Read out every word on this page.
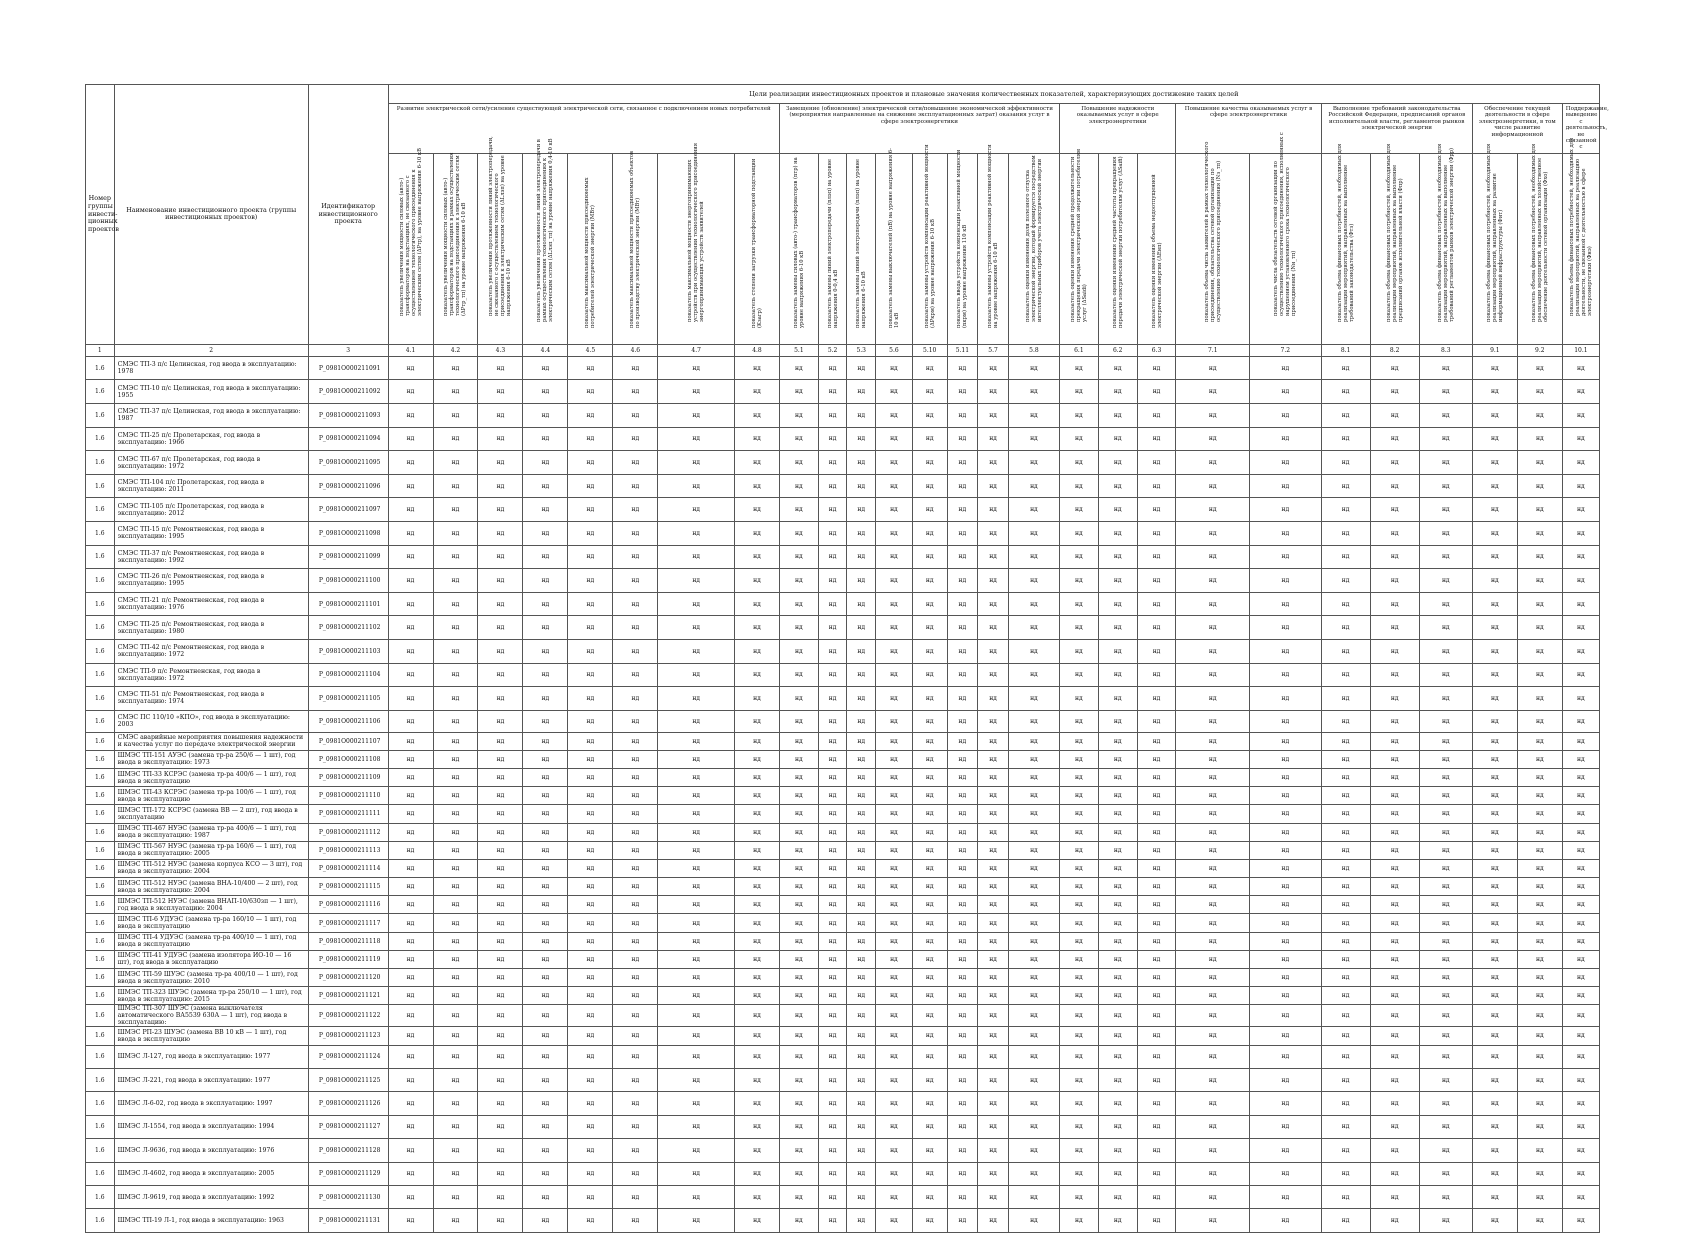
Номер группы инвести-ционных проектов	Наименование инвестиционного проекта (группы инвестиционных проектов)	Идентификатор инвестиционного проекта	Цели реализации инвестиционных проектов и плановые значения количественных показателей, характеризующих достижение таких целей																										
			Развитие электрической сети/усиление существующей электрической сети, связанное с подключением новых потребителей								Замещение (обновление) электрической сети/повышение экономической эффективности (мероприятия направленные на снижение эксплуатационных затрат) оказания услуг в сфере электроэнергетики								Повышение надежности оказываемых услуг в сфере электроэнергетики			Повышение качества оказываемых услуг в сфере электроэнергетики		Выполнение требований законодательства Российской Федерации, предписаний органов исполнительной власти, регламентов рынков электрической энергии			Обеспечение текущей деятельности в сфере электроэнергетики, в том числе развитие информационной		Поддержание, выведение с деятельность, не связанной с

			показатель увеличения мощности силовых (авто-) трансформаторов на подстанциях, не связанного с осуществлением технологического присоединения к электрическим сетям (ΔPтр), на уровне напряжения 6-10 кВ	показатель увеличения мощности силовых (авто-) трансформаторов на подстанциях в рамках осуществления технологического присоединения к электрическим сетям (ΔPтр_тп) на уровне напряжения 6-10 кВ	показатель увеличения протяженности линий электропередачи, не связанного с осуществлением технологического присоединения к электрическим сетям (ΔLлэп) на уровне напряжения 6-10 кВ	показатель увеличения протяженности линий электропередачи в рамках осуществления технологического присоединения к электрическим сетям (ΔLлэп_тп) на уровне напряжения 0,4-10 кВ	показатель максимальной мощности присоединяемых потребителей электрической энергии (МВт)	показатель максимальной мощности присоединяемых объектов по производству электрической энергии (МВт)	показатель максимальной мощности энергопринимающих устройств при осуществлении технологического присоединения энергопринимающих устройств заявителей	показатель степени загрузки трансформаторной подстанции (Kзагр)	показатель замены силовых (авто-) трансформаторов (nтр) на уровне напряжения 6-10 кВ	показатель замены линий электропередачи (nлэп) на уровне напряжения 0-0,4 кВ	показатель замены линий электропередачи (nлэп) на уровне напряжения 6-10 кВ	показатель замены выключателей (nВ) на уровне напряжения 6-10 кВ	показатель замены устройств компенсации реактивной мощности (ΔPкрм) на уровне напряжения 6-10 кВ	показатель ввода устройств компенсации реактивной мощности (nкрм) на уровне напряжения 110 кВ	показатель замены устройств компенсации реактивной мощности на уровне напряжения 6-10 кВ	показатель оценки изменения доли полезного отпуска электрической энергии, который формируется посредством интеллектуальных приборов учета электрической энергии	показатель оценки изменения средней продолжительности прекращения передачи электрической энергии потребителям услуг (ΔSaidi)	показатель оценки изменения средней частоты прекращения передачи электрической энергии потребителям услуг (ΔSaifi)	показатель оценки изменения объема недоотпущенной электрической энергии (ΔEнп)	показатель объема числа заявителей в рамках технологического присоединения, обязательства сетевой организации по осуществлению технологического присоединения (Nз_тп)	показатель числа обязательств сетевой организации по осуществлению технологического присоединения, исполненных с нарушением установленного срока технологического присоединения (Nн_тп)	показатель объема финансовых потребностей, необходимых для реализации мероприятий, направленных на выполнение требований законодательства (Фтз)	показатель объема финансовых потребностей, необходимых для реализации мероприятий, направленных на выполнение предписаний органов исполнительной власти (Фпр)	показатель объема финансовых потребностей, необходимых для реализации мероприятий, направленных на выполнение требований регламентов рынков электрической энергии (Фрр)	показатель объема финансовых потребностей, необходимых для реализации мероприятий, направленных на развитие информационной инфраструктуры (Фит)	показатель объема финансовых потребностей, необходимых для реализации мероприятий, направленных на хозяйственное обеспечение деятельности сетевой организации (Фхо)	показатель объема финансовых потребностей, необходимых для реализации мероприятий, направленных на реализацию деятельности, не связанной с деятельностью в сфере электроэнергетики (Фнэ)

1	2	3	4.1	4.2	4.3	4.4	4.5	4.6	4.7	4.8	5.1	5.2	5.3	5.6	5.10	5.11	5.7	5.8	6.1	6.2	6.3	7.1	7.2	8.1	8.2	8.3	9.1	9.2	10.1
1.6	СМЭС ТП-3 п/с Целинская, год ввода в эксплуатацию: 1978	P_0981O000211091	нд	нд	нд	нд	нд	нд	нд	нд	нд	нд	нд	нд	нд	нд	нд	нд	нд	нд	нд	нд	нд	нд	нд	нд	нд	нд	нд
1.6	СМЭС ТП-10 п/с Целинская, год ввода в эксплуатацию: 1955	P_0981O000211092	нд	нд	нд	нд	нд	нд	нд	нд	нд	нд	нд	нд	нд	нд	нд	нд	нд	нд	нд	нд	нд	нд	нд	нд	нд	нд	нд
1.6	СМЭС ТП-37 п/с Целинская, год ввода в эксплуатацию: 1987	P_0981O000211093	нд	нд	нд	нд	нд	нд	нд	нд	нд	нд	нд	нд	нд	нд	нд	нд	нд	нд	нд	нд	нд	нд	нд	нд	нд	нд	нд
1.6	СМЭС ТП-25 п/с Пролетарская, год ввода в эксплуатацию: 1966	P_0981O000211094	нд	нд	нд	нд	нд	нд	нд	нд	нд	нд	нд	нд	нд	нд	нд	нд	нд	нд	нд	нд	нд	нд	нд	нд	нд	нд	нд
1.6	СМЭС ТП-67 п/с Пролетарская, год ввода в эксплуатацию: 1972	P_0981O000211095	нд	нд	нд	нд	нд	нд	нд	нд	нд	нд	нд	нд	нд	нд	нд	нд	нд	нд	нд	нд	нд	нд	нд	нд	нд	нд	нд
1.6	СМЭС ТП-104 п/с Пролетарская, год ввода в эксплуатацию: 2011	P_0981O000211096	нд	нд	нд	нд	нд	нд	нд	нд	нд	нд	нд	нд	нд	нд	нд	нд	нд	нд	нд	нд	нд	нд	нд	нд	нд	нд	нд
1.6	СМЭС ТП-105 п/с Пролетарская, год ввода в эксплуатацию: 2012	P_0981O000211097	нд	нд	нд	нд	нд	нд	нд	нд	нд	нд	нд	нд	нд	нд	нд	нд	нд	нд	нд	нд	нд	нд	нд	нд	нд	нд	нд
1.6	СМЭС ТП-15 п/с Ремонтненская, год ввода в эксплуатацию: 1995	P_0981O000211098	нд	нд	нд	нд	нд	нд	нд	нд	нд	нд	нд	нд	нд	нд	нд	нд	нд	нд	нд	нд	нд	нд	нд	нд	нд	нд	нд
1.6	СМЭС ТП-37 п/с Ремонтненская, год ввода в эксплуатацию: 1992	P_0981O000211099	нд	нд	нд	нд	нд	нд	нд	нд	нд	нд	нд	нд	нд	нд	нд	нд	нд	нд	нд	нд	нд	нд	нд	нд	нд	нд	нд
1.6	СМЭС ТП-26 п/с Ремонтненская, год ввода в эксплуатацию: 1995	P_0981O000211100	нд	нд	нд	нд	нд	нд	нд	нд	нд	нд	нд	нд	нд	нд	нд	нд	нд	нд	нд	нд	нд	нд	нд	нд	нд	нд	нд
1.6	СМЭС ТП-21 п/с Ремонтненская, год ввода в эксплуатацию: 1976	P_0981O000211101	нд	нд	нд	нд	нд	нд	нд	нд	нд	нд	нд	нд	нд	нд	нд	нд	нд	нд	нд	нд	нд	нд	нд	нд	нд	нд	нд
1.6	СМЭС ТП-25 п/с Ремонтненская, год ввода в эксплуатацию: 1980	P_0981O000211102	нд	нд	нд	нд	нд	нд	нд	нд	нд	нд	нд	нд	нд	нд	нд	нд	нд	нд	нд	нд	нд	нд	нд	нд	нд	нд	нд
1.6	СМЭС ТП-42 п/с Ремонтненская, год ввода в эксплуатацию: 1972	P_0981O000211103	нд	нд	нд	нд	нд	нд	нд	нд	нд	нд	нд	нд	нд	нд	нд	нд	нд	нд	нд	нд	нд	нд	нд	нд	нд	нд	нд
1.6	СМЭС ТП-9 п/с Ремонтненская, год ввода в эксплуатацию: 1972	P_0981O000211104	нд	нд	нд	нд	нд	нд	нд	нд	нд	нд	нд	нд	нд	нд	нд	нд	нд	нд	нд	нд	нд	нд	нд	нд	нд	нд	нд
1.6	СМЭС ТП-51 п/с Ремонтненская, год ввода в эксплуатацию: 1974	P_0981O000211105	нд	нд	нд	нд	нд	нд	нд	нд	нд	нд	нд	нд	нд	нд	нд	нд	нд	нд	нд	нд	нд	нд	нд	нд	нд	нд	нд
1.6	СМЭС ПС 110/10 «КПО», год ввода в эксплуатацию: 2003	P_0981O000211106	нд	нд	нд	нд	нд	нд	нд	нд	нд	нд	нд	нд	нд	нд	нд	нд	нд	нд	нд	нд	нд	нд	нд	нд	нд	нд	нд
1.6	СМЭС аварийные мероприятия повышения надежности и качества услуг по передаче электрической энергии	P_0981O000211107	нд	нд	нд	нд	нд	нд	нд	нд	нд	нд	нд	нд	нд	нд	нд	нд	нд	нд	нд	нд	нд	нд	нд	нд	нд	нд	нд
1.6	ШМЭС ТП-151 АУЭС (замена тр-ра 250/6 — 1 шт), год ввода в эксплуатацию: 1973	P_0981O000211108	нд	нд	нд	нд	нд	нд	нд	нд	нд	нд	нд	нд	нд	нд	нд	нд	нд	нд	нд	нд	нд	нд	нд	нд	нд	нд	нд
1.6	ШМЭС ТП-33 КСРЭС (замена тр-ра 400/6 — 1 шт), год ввода в эксплуатацию	P_0981O000211109	нд	нд	нд	нд	нд	нд	нд	нд	нд	нд	нд	нд	нд	нд	нд	нд	нд	нд	нд	нд	нд	нд	нд	нд	нд	нд	нд
1.6	ШМЭС ТП-43 КСРЭС (замена тр-ра 100/6 — 1 шт), год ввода в эксплуатацию	P_0981O000211110	нд	нд	нд	нд	нд	нд	нд	нд	нд	нд	нд	нд	нд	нд	нд	нд	нд	нд	нд	нд	нд	нд	нд	нд	нд	нд	нд
1.6	ШМЭС ТП-172 КСРЭС (замена ВВ — 2 шт), год ввода в эксплуатацию	P_0981O000211111	нд	нд	нд	нд	нд	нд	нд	нд	нд	нд	нд	нд	нд	нд	нд	нд	нд	нд	нд	нд	нд	нд	нд	нд	нд	нд	нд
1.6	ШМЭС ТП-467 НУЭС (замена тр-ра 400/6 — 1 шт), год ввода в эксплуатацию: 1987	P_0981O000211112	нд	нд	нд	нд	нд	нд	нд	нд	нд	нд	нд	нд	нд	нд	нд	нд	нд	нд	нд	нд	нд	нд	нд	нд	нд	нд	нд
1.6	ШМЭС ТП-567 НУЭС (замена тр-ра 160/6 — 1 шт), год ввода в эксплуатацию: 2005	P_0981O000211113	нд	нд	нд	нд	нд	нд	нд	нд	нд	нд	нд	нд	нд	нд	нд	нд	нд	нд	нд	нд	нд	нд	нд	нд	нд	нд	нд
1.6	ШМЭС ТП-512 НУЭС (замена корпуса КСО — 3 шт), год ввода в эксплуатацию: 2004	P_0981O000211114	нд	нд	нд	нд	нд	нд	нд	нд	нд	нд	нд	нд	нд	нд	нд	нд	нд	нд	нд	нд	нд	нд	нд	нд	нд	нд	нд
1.6	ШМЭС ТП-512 НУЭС (замена ВНА-10/400 — 2 шт), год ввода в эксплуатацию: 2004	P_0981O000211115	нд	нд	нд	нд	нд	нд	нд	нд	нд	нд	нд	нд	нд	нд	нд	нд	нд	нд	нд	нд	нд	нд	нд	нд	нд	нд	нд
1.6	ШМЭС ТП-512 НУЭС (замена ВНАП-10/630зп — 1 шт), год ввода в эксплуатацию: 2004	P_0981O000211116	нд	нд	нд	нд	нд	нд	нд	нд	нд	нд	нд	нд	нд	нд	нд	нд	нд	нд	нд	нд	нд	нд	нд	нд	нд	нд	нд
1.6	ШМЭС ТП-6 УДУЭС (замена тр-ра 160/10 — 1 шт), год ввода в эксплуатацию	P_0981O000211117	нд	нд	нд	нд	нд	нд	нд	нд	нд	нд	нд	нд	нд	нд	нд	нд	нд	нд	нд	нд	нд	нд	нд	нд	нд	нд	нд
1.6	ШМЭС ТП-4 УДУЭС (замена тр-ра 400/10 — 1 шт), год ввода в эксплуатацию	P_0981O000211118	нд	нд	нд	нд	нд	нд	нд	нд	нд	нд	нд	нд	нд	нд	нд	нд	нд	нд	нд	нд	нд	нд	нд	нд	нд	нд	нд
1.6	ШМЭС ТП-41 УДУЭС (замена изолятора ИО-10 — 16 шт), год ввода в эксплуатацию	P_0981O000211119	нд	нд	нд	нд	нд	нд	нд	нд	нд	нд	нд	нд	нд	нд	нд	нд	нд	нд	нд	нд	нд	нд	нд	нд	нд	нд	нд
1.6	ШМЭС ТП-59 ШУЭС (замена тр-ра 400/10 — 1 шт), год ввода в эксплуатацию: 2010	P_0981O000211120	нд	нд	нд	нд	нд	нд	нд	нд	нд	нд	нд	нд	нд	нд	нд	нд	нд	нд	нд	нд	нд	нд	нд	нд	нд	нд	нд
1.6	ШМЭС ТП-323 ШУЭС (замена тр-ра 250/10 — 1 шт), год ввода в эксплуатацию: 2015	P_0981O000211121	нд	нд	нд	нд	нд	нд	нд	нд	нд	нд	нд	нд	нд	нд	нд	нд	нд	нд	нд	нд	нд	нд	нд	нд	нд	нд	нд
1.6	ШМЭС ТП-307 ШУЭС (замена выключателя автоматического ВА5539 630А — 1 шт), год ввода в эксплуатацию:	P_0981O000211122	нд	нд	нд	нд	нд	нд	нд	нд	нд	нд	нд	нд	нд	нд	нд	нд	нд	нд	нд	нд	нд	нд	нд	нд	нд	нд	нд
1.6	ШМЭС РП-23 ШУЭС (замена ВВ 10 кВ — 1 шт), год ввода в эксплуатацию	P_0981O000211123	нд	нд	нд	нд	нд	нд	нд	нд	нд	нд	нд	нд	нд	нд	нд	нд	нд	нд	нд	нд	нд	нд	нд	нд	нд	нд	нд
1.6	ШМЭС Л-127, год ввода в эксплуатацию: 1977	P_0981O000211124	нд	нд	нд	нд	нд	нд	нд	нд	нд	нд	нд	нд	нд	нд	нд	нд	нд	нд	нд	нд	нд	нд	нд	нд	нд	нд	нд
1.6	ШМЭС Л-221, год ввода в эксплуатацию: 1977	P_0981O000211125	нд	нд	нд	нд	нд	нд	нд	нд	нд	нд	нд	нд	нд	нд	нд	нд	нд	нд	нд	нд	нд	нд	нд	нд	нд	нд	нд
1.6	ШМЭС Л-6-02, год ввода в эксплуатацию: 1997	P_0981O000211126	нд	нд	нд	нд	нд	нд	нд	нд	нд	нд	нд	нд	нд	нд	нд	нд	нд	нд	нд	нд	нд	нд	нд	нд	нд	нд	нд
1.6	ШМЭС Л-1554, год ввода в эксплуатацию: 1994	P_0981O000211127	нд	нд	нд	нд	нд	нд	нд	нд	нд	нд	нд	нд	нд	нд	нд	нд	нд	нд	нд	нд	нд	нд	нд	нд	нд	нд	нд
1.6	ШМЭС Л-9636, год ввода в эксплуатацию: 1976	P_0981O000211128	нд	нд	нд	нд	нд	нд	нд	нд	нд	нд	нд	нд	нд	нд	нд	нд	нд	нд	нд	нд	нд	нд	нд	нд	нд	нд	нд
1.6	ШМЭС Л-4602, год ввода в эксплуатацию: 2005	P_0981O000211129	нд	нд	нд	нд	нд	нд	нд	нд	нд	нд	нд	нд	нд	нд	нд	нд	нд	нд	нд	нд	нд	нд	нд	нд	нд	нд	нд
1.6	ШМЭС Л-9619, год ввода в эксплуатацию: 1992	P_0981O000211130	нд	нд	нд	нд	нд	нд	нд	нд	нд	нд	нд	нд	нд	нд	нд	нд	нд	нд	нд	нд	нд	нд	нд	нд	нд	нд	нд
1.6	ШМЭС ТП-19 Л-1, год ввода в эксплуатацию: 1963	P_0981O000211131	нд	нд	нд	нд	нд	нд	нд	нд	нд	нд	нд	нд	нд	нд	нд	нд	нд	нд	нд	нд	нд	нд	нд	нд	нд	нд	нд
